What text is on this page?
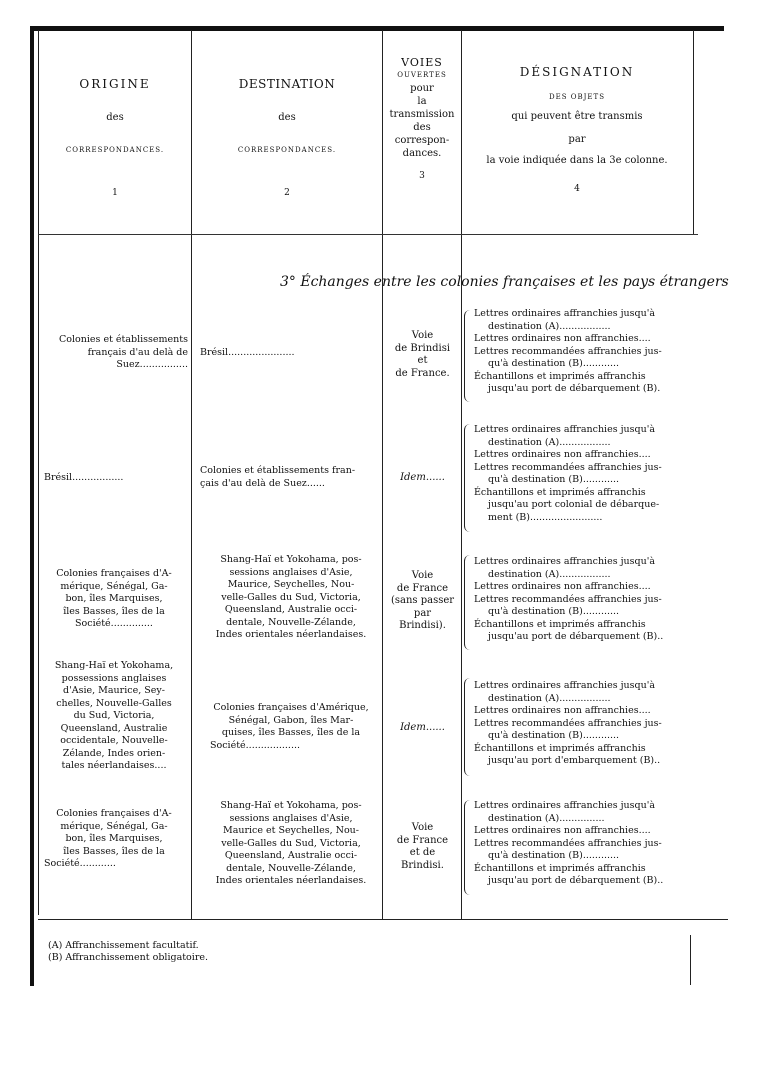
ORIGINE
des
CORRESPONDANCES.
1
DESTINATION
des
CORRESPONDANCES.
2
VOIES
OUVERTES
pour
la
transmission
des
correspon-
dances.
3
DÉSIGNATION
DES OBJETS
qui peuvent être transmis
par
la voie indiquée dans la 3e colonne.
4
3° Échanges entre les colonies françaises et les pays étrangers
Colonies et établissements
français d'au delà de
Suez................
Brésil......................
Voie
de Brindisi
et
de France.
Lettres ordinaires affranchies jusqu'à
destination (A).................
Lettres ordinaires non affranchies....
Lettres recommandées affranchies jus-
qu'à destination (B)............
Échantillons et imprimés affranchis
jusqu'au port de débarquement (B).
Brésil.................
Colonies et établissements fran-
çais d'au delà de Suez......	Idem......
Lettres ordinaires affranchies jusqu'à
destination (A).................
Lettres ordinaires non affranchies....
Lettres recommandées affranchies jus-
qu'à destination (B)............
Échantillons et imprimés affranchis
jusqu'au port colonial de débarque-
ment (B)........................
Colonies françaises d'A-
mérique, Sénégal, Ga-
bon, îles Marquises,
îles Basses, îles de la
Société..............
Shang-Haï et Yokohama, pos-
sessions anglaises d'Asie,
Maurice, Seychelles, Nou-
velle-Galles du Sud, Victoria,
Queensland, Australie occi-
dentale, Nouvelle-Zélande,
Indes orientales néerlandaises.
Voie
de France
(sans passer
par
Brindisi).
Lettres ordinaires affranchies jusqu'à
destination (A).................
Lettres ordinaires non affranchies....
Lettres recommandées affranchies jus-
qu'à destination (B)............
Échantillons et imprimés affranchis
jusqu'au port de débarquement (B)..
Shang-Haï et Yokohama,
possessions anglaises
d'Asie, Maurice, Sey-
chelles, Nouvelle-Galles
du Sud, Victoria,
Queensland, Australie
occidentale, Nouvelle-
Zélande, Indes orien-
tales néerlandaises....
Colonies françaises d'Amérique,
Sénégal, Gabon, îles Mar-
quises, îles Basses, îles de la
Société..................
Idem......
Lettres ordinaires affranchies jusqu'à
destination (A).................
Lettres ordinaires non affranchies....
Lettres recommandées affranchies jus-
qu'à destination (B)............
Échantillons et imprimés affranchis
jusqu'au port d'embarquement (B)..
Colonies françaises d'A-
mérique, Sénégal, Ga-
bon, îles Marquises,
îles Basses, îles de la
Société............
Shang-Haï et Yokohama, pos-
sessions anglaises d'Asie,
Maurice et Seychelles, Nou-
velle-Galles du Sud, Victoria,
Queensland, Australie occi-
dentale, Nouvelle-Zélande,
Indes orientales néerlandaises.
Voie
de France
et de
Brindisi.
Lettres ordinaires affranchies jusqu'à
destination (A)...............
Lettres ordinaires non affranchies....
Lettres recommandées affranchies jus-
qu'à destination (B)............
Échantillons et imprimés affranchis
jusqu'au port de débarquement (B)..
(A) Affranchissement facultatif.
(B) Affranchissement obligatoire.
